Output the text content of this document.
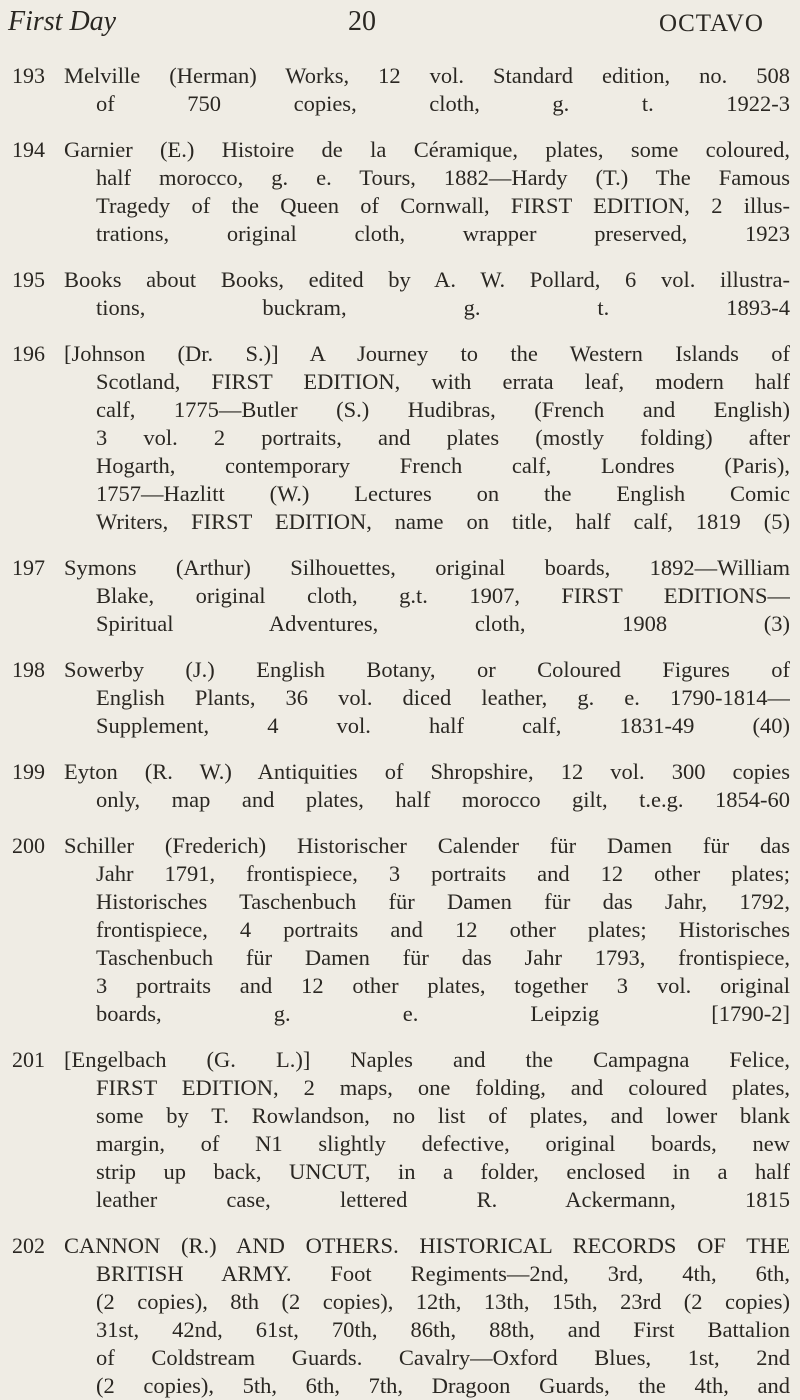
First Day	20	OCTAVO
193 Melville (Herman) Works, 12 vol. Standard edition, no. 508
of 750 copies, cloth, g. t. 1922-3
194 Garnier (E.) Histoire de la Céramique, plates, some coloured,
half morocco, g. e. Tours, 1882—Hardy (T.) The Famous
Tragedy of the Queen of Cornwall, FIRST EDITION, 2 illus-
trations, original cloth, wrapper preserved, 1923
195 Books about Books, edited by A. W. Pollard, 6 vol. illustra-
tions, buckram, g. t. 1893-4
196 [Johnson (Dr. S.)] A Journey to the Western Islands of
Scotland, FIRST EDITION, with errata leaf, modern half
calf, 1775—Butler (S.) Hudibras, (French and English)
3 vol. 2 portraits, and plates (mostly folding) after
Hogarth, contemporary French calf, Londres (Paris),
1757—Hazlitt (W.) Lectures on the English Comic
Writers, FIRST EDITION, name on title, half calf, 1819 (5)
197 Symons (Arthur) Silhouettes, original boards, 1892—William
Blake, original cloth, g.t. 1907, FIRST EDITIONS—
Spiritual Adventures, cloth, 1908 (3)
198 Sowerby (J.) English Botany, or Coloured Figures of
English Plants, 36 vol. diced leather, g. e. 1790-1814—
Supplement, 4 vol. half calf, 1831-49 (40)
199 Eyton (R. W.) Antiquities of Shropshire, 12 vol. 300 copies
only, map and plates, half morocco gilt, t.e.g. 1854-60
200 Schiller (Frederich) Historischer Calender für Damen für das
Jahr 1791, frontispiece, 3 portraits and 12 other plates;
Historisches Taschenbuch für Damen für das Jahr, 1792,
frontispiece, 4 portraits and 12 other plates; Historisches
Taschenbuch für Damen für das Jahr 1793, frontispiece,
3 portraits and 12 other plates, together 3 vol. original
boards, g. e. Leipzig [1790-2]
201 [Engelbach (G. L.)] Naples and the Campagna Felice,
FIRST EDITION, 2 maps, one folding, and coloured plates,
some by T. Rowlandson, no list of plates, and lower blank
margin, of N1 slightly defective, original boards, new
strip up back, UNCUT, in a folder, enclosed in a half
leather case, lettered R. Ackermann, 1815
202 CANNON (R.) AND OTHERS. HISTORICAL RECORDS OF THE
BRITISH ARMY. Foot Regiments—2nd, 3rd, 4th, 6th,
(2 copies), 8th (2 copies), 12th, 13th, 15th, 23rd (2 copies)
31st, 42nd, 61st, 70th, 86th, 88th, and First Battalion
of Coldstream Guards. Cavalry—Oxford Blues, 1st, 2nd
(2 copies), 5th, 6th, 7th, Dragoon Guards, the 4th, and
